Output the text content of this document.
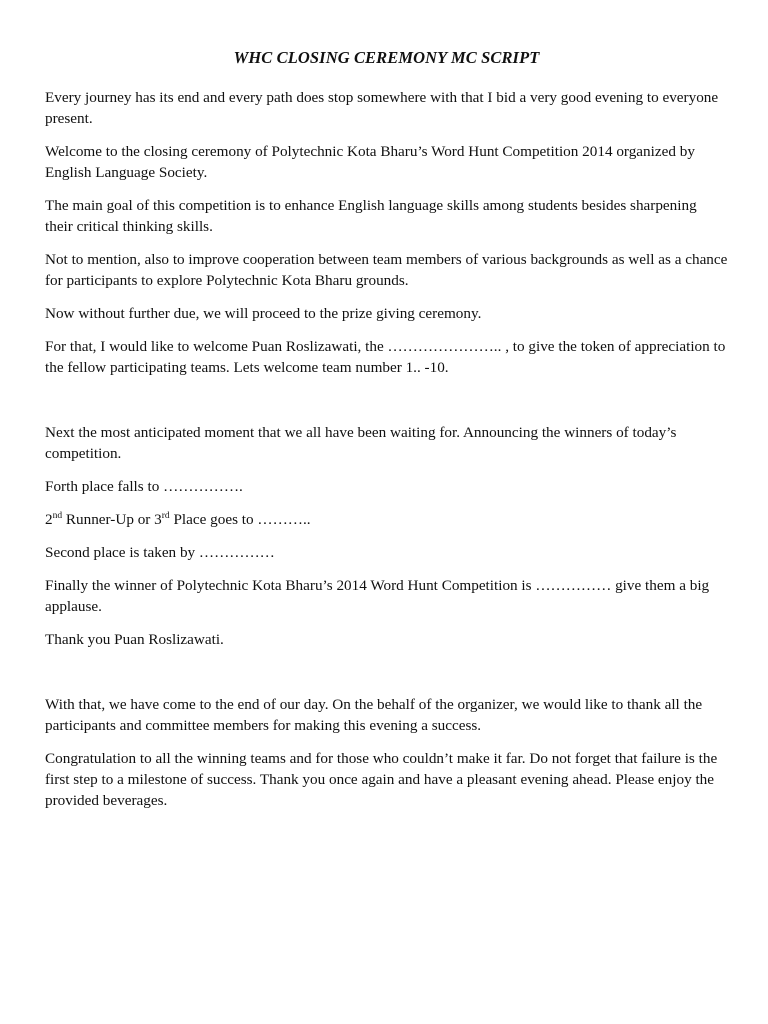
WHC CLOSING CEREMONY MC SCRIPT

Every journey has its end and every path does stop somewhere with that I bid a very good evening to everyone present.

Welcome to the closing ceremony of Polytechnic Kota Bharu’s Word Hunt Competition 2014 organized by English Language Society.

The main goal of this competition is to enhance English language skills among students besides sharpening their critical thinking skills.

Not to mention, also to improve cooperation between team members of various backgrounds as well as a chance for participants to explore Polytechnic Kota Bharu grounds.

Now without further due, we will proceed to the prize giving ceremony.

For that, I would like to welcome Puan Roslizawati, the ………………….. , to give the token of appreciation to the fellow participating teams. Lets welcome team number 1.. -10.

Next the most anticipated moment that we all have been waiting for. Announcing the winners of today’s competition.

Forth place falls to …………….

2nd Runner-Up or 3rd Place goes to ………..

Second place is taken by ……………

Finally the winner of Polytechnic Kota Bharu’s 2014 Word Hunt Competition is …………… give them a big applause.

Thank you Puan Roslizawati.

With that, we have come to the end of our day. On the behalf of the organizer, we would like to thank all the participants and committee members for making this evening a success.

Congratulation to all the winning teams and for those who couldn’t make it far. Do not forget that failure is the first step to a milestone of success. Thank you once again and have a pleasant evening ahead. Please enjoy the provided beverages.
